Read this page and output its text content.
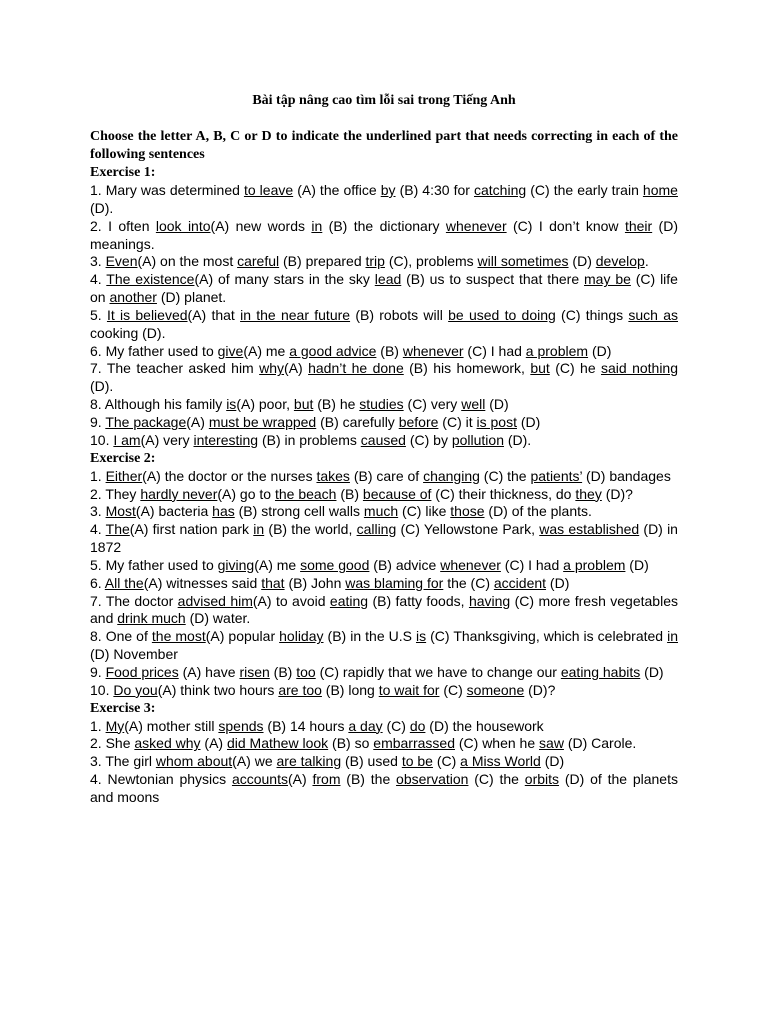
Bài tập nâng cao tìm lỗi sai trong Tiếng Anh
Choose the letter A, B, C or D to indicate the underlined part that needs correcting in each of the following sentences
Exercise 1:
1. Mary was determined to leave (A) the office by (B) 4:30 for catching (C) the early train home (D).
2. I often look into(A) new words in (B) the dictionary whenever (C) I don’t know their (D) meanings.
3. Even(A) on the most careful (B) prepared trip (C), problems will sometimes (D) develop.
4. The existence(A) of many stars in the sky lead (B) us to suspect that there may be (C) life on another (D) planet.
5. It is believed(A) that in the near future (B) robots will be used to doing (C) things such as cooking (D).
6. My father used to give(A) me a good advice (B) whenever (C) I had a problem (D)
7. The teacher asked him why(A) hadn’t he done (B) his homework, but (C) he said nothing (D).
8. Although his family is(A) poor, but (B) he studies (C) very well (D)
9. The package(A) must be wrapped (B) carefully before (C) it is post (D)
10. I am(A) very interesting (B) in problems caused (C) by pollution (D).
Exercise 2:
1. Either(A) the doctor or the nurses takes (B) care of changing (C) the patients’ (D) bandages
2. They hardly never(A) go to the beach (B) because of (C) their thickness, do they (D)?
3. Most(A) bacteria has (B) strong cell walls much (C) like those (D) of the plants.
4. The(A) first nation park in (B) the world, calling (C) Yellowstone Park, was established (D) in 1872
5. My father used to giving(A) me some good (B) advice whenever (C) I had a problem (D)
6. All the(A) witnesses said that (B) John was blaming for the (C) accident (D)
7. The doctor advised him(A) to avoid eating (B) fatty foods, having (C) more fresh vegetables and drink much (D) water.
8. One of the most(A) popular holiday (B) in the U.S is (C) Thanksgiving, which is celebrated in (D) November
9. Food prices (A) have risen (B) too (C) rapidly that we have to change our eating habits (D)
10. Do you(A) think two hours are too (B) long to wait for (C) someone (D)?
Exercise 3:
1. My(A) mother still spends (B) 14 hours a day (C) do (D) the housework
2. She asked why (A) did Mathew look (B) so embarrassed (C) when he saw (D) Carole.
3. The girl whom about(A) we are talking (B) used to be (C) a Miss World (D)
4. Newtonian physics accounts(A) from (B) the observation (C) the orbits (D) of the planets and moons
